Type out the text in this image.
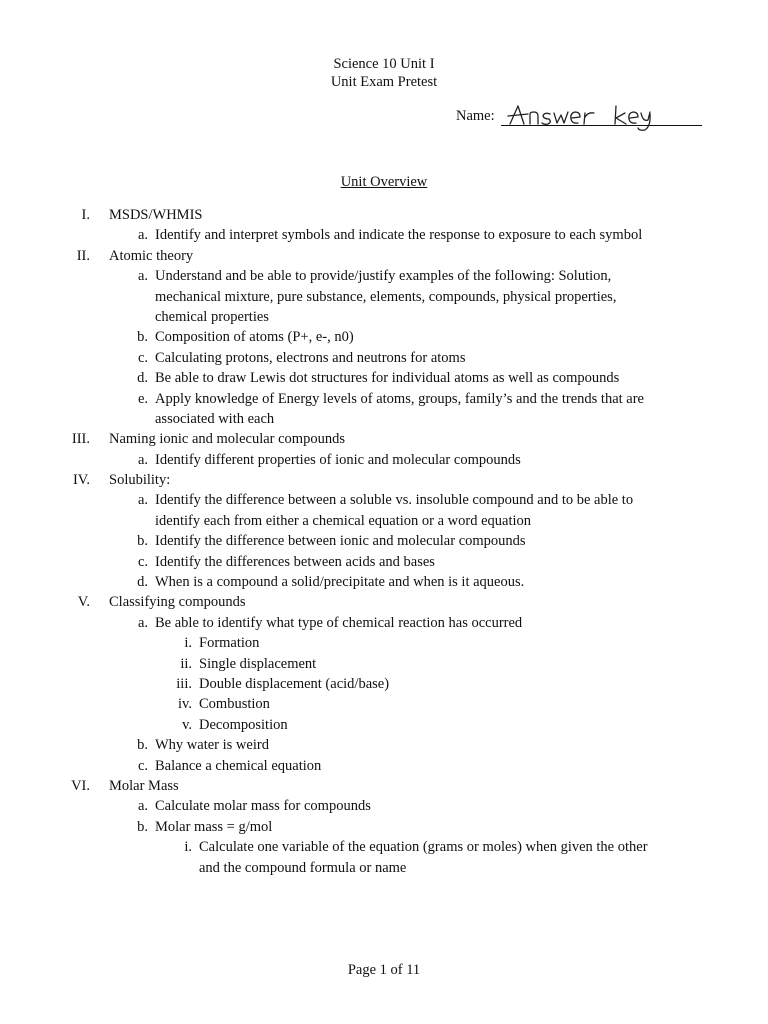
Science 10 Unit I
Unit Exam Pretest
Name:
Unit Overview
I. MSDS/WHMIS
a. Identify and interpret symbols and indicate the response to exposure to each symbol
II. Atomic theory
a. Understand and be able to provide/justify examples of the following: Solution,
mechanical mixture, pure substance, elements, compounds, physical properties,
chemical properties
b. Composition of atoms (P+, e-, n0)
c. Calculating protons, electrons and neutrons for atoms
d. Be able to draw Lewis dot structures for individual atoms as well as compounds
e. Apply knowledge of Energy levels of atoms, groups, family’s and the trends that are
associated with each
III. Naming ionic and molecular compounds
a. Identify different properties of ionic and molecular compounds
IV. Solubility:
a. Identify the difference between a soluble vs. insoluble compound and to be able to
identify each from either a chemical equation or a word equation
b. Identify the difference between ionic and molecular compounds
c. Identify the differences between acids and bases
d. When is a compound a solid/precipitate and when is it aqueous.
V. Classifying compounds
a. Be able to identify what type of chemical reaction has occurred
i. Formation
ii. Single displacement
iii. Double displacement (acid/base)
iv. Combustion
v. Decomposition
b. Why water is weird
c. Balance a chemical equation
VI. Molar Mass
a. Calculate molar mass for compounds
b. Molar mass = g/mol
i. Calculate one variable of the equation (grams or moles) when given the other
and the compound formula or name
Page 1 of 11
